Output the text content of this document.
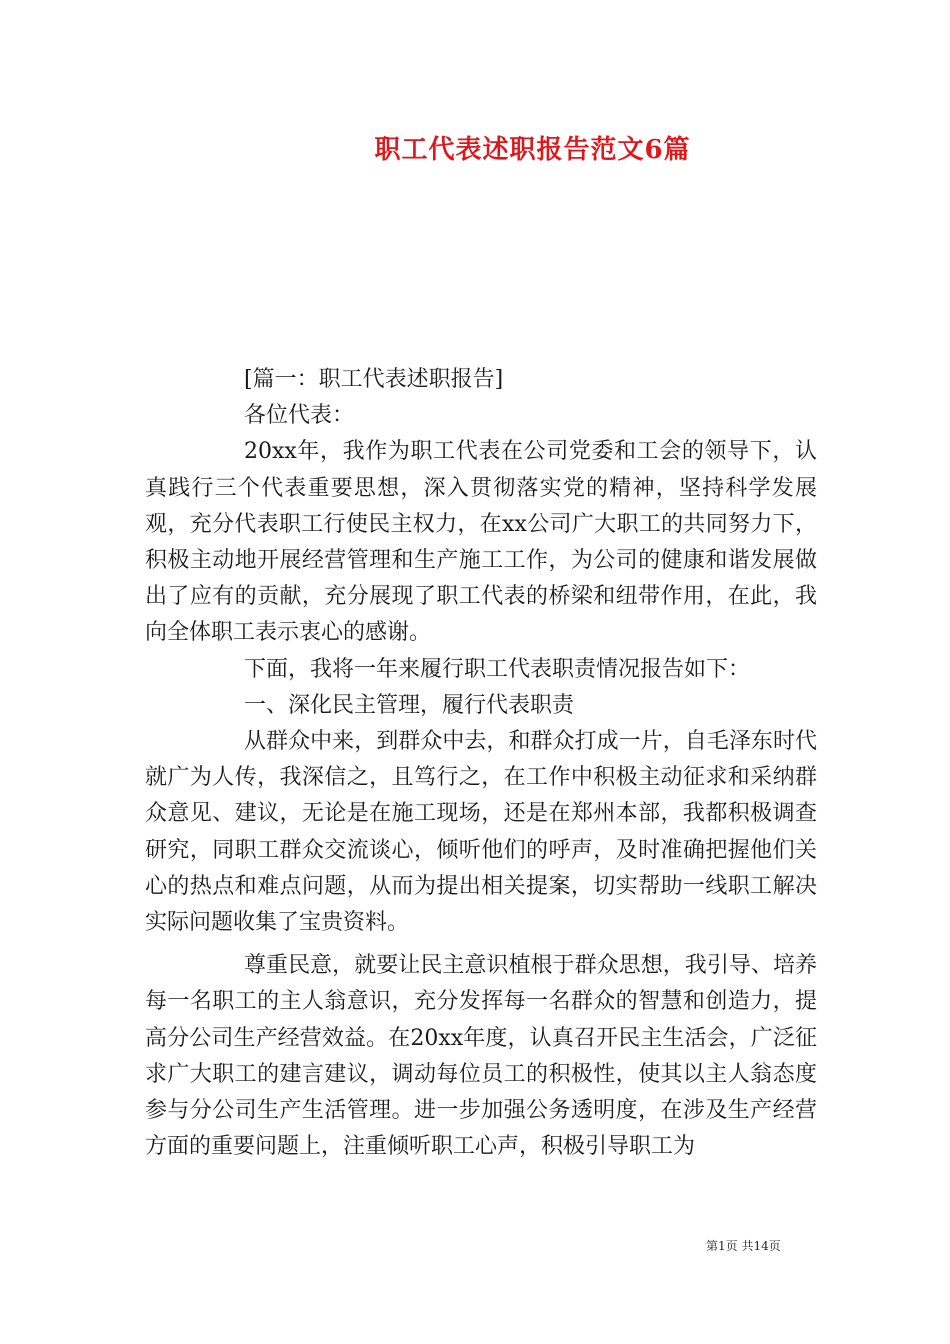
职工代表述职报告范文6篇

[篇一：职工代表述职报告]

各位代表：

20xx年，我作为职工代表在公司党委和工会的领导下，认真践行三个代表重要思想，深入贯彻落实党的精神，坚持科学发展观，充分代表职工行使民主权力，在xx公司广大职工的共同努力下，积极主动地开展经营管理和生产施工工作，为公司的健康和谐发展做出了应有的贡献，充分展现了职工代表的桥梁和纽带作用，在此，我向全体职工表示衷心的感谢。

下面，我将一年来履行职工代表职责情况报告如下：

一、深化民主管理，履行代表职责

从群众中来，到群众中去，和群众打成一片，自毛泽东时代就广为人传，我深信之，且笃行之，在工作中积极主动征求和采纳群众意见、建议，无论是在施工现场，还是在郑州本部，我都积极调查研究，同职工群众交流谈心，倾听他们的呼声，及时准确把握他们关心的热点和难点问题，从而为提出相关提案，切实帮助一线职工解决实际问题收集了宝贵资料。

尊重民意，就要让民主意识植根于群众思想，我引导、培养每一名职工的主人翁意识，充分发挥每一名群众的智慧和创造力，提高分公司生产经营效益。在20xx年度，认真召开民主生活会，广泛征求广大职工的建言建议，调动每位员工的积极性，使其以主人翁态度参与分公司生产生活管理。进一步加强公务透明度，在涉及生产经营方面的重要问题上，注重倾听职工心声，积极引导职工为

第1页 共14页
